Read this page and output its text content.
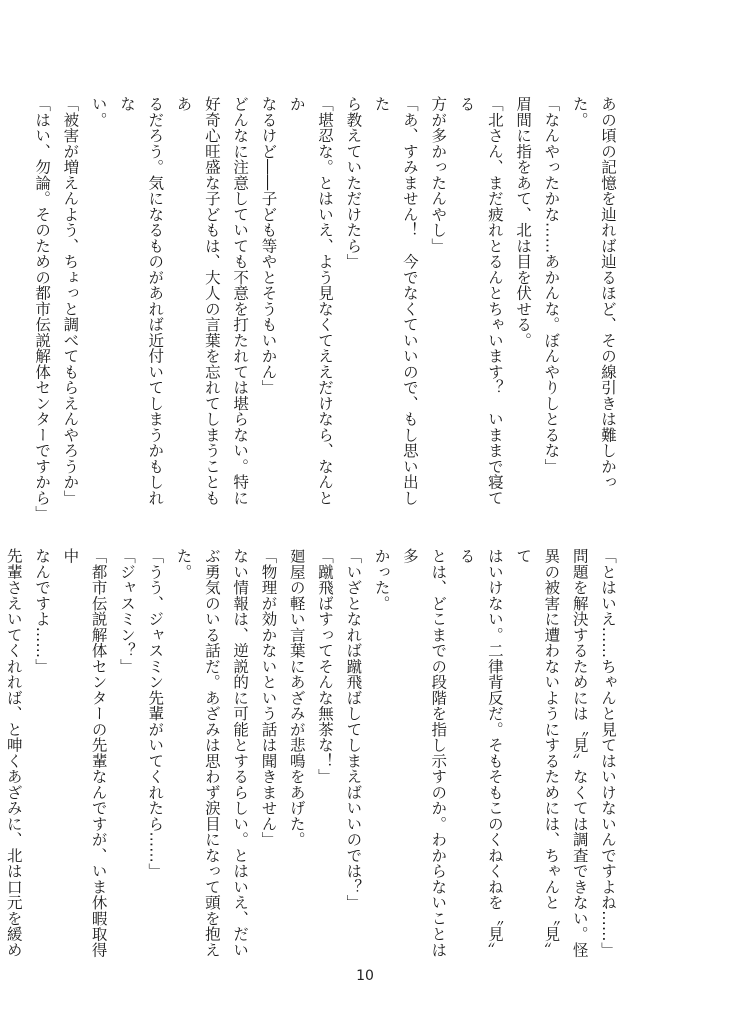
あの頃の記憶を辿れば辿るほど、その線引きは難しかった。
「なんやったかな……あかんな。ぼんやりしとるな」
眉間に指をあて、北は目を伏せる。
「北さん、まだ疲れとるんとちゃいます？　いままで寝てる
方が多かったんやし」
「あ、すみません！　今でなくていいので、もし思い出した
ら教えていただけたら」
「堪忍な。とはいえ、よう見なくてええだけなら、なんとか
なるけど――子ども等やとそうもいかん」
どんなに注意していても不意を打たれては堪らない。特に
好奇心旺盛な子どもは、大人の言葉を忘れてしまうこともあ
るだろう。気になるものがあれば近付いてしまうかもしれな
い。
「被害が増えんよう、ちょっと調べてもらえんやろうか」
「はい、勿論。そのための都市伝説解体センターですから」
「とはいえ……ちゃんと見てはいけないんですよね……」
問題を解決するためには〝見〟なくては調査できない。怪
異の被害に遭わないようにするためには、ちゃんと〝見〟て
はいけない。二律背反だ。そもそもこのくねくねを〝見〟る
とは、どこまでの段階を指し示すのか。わからないことは多
かった。
「いざとなれば蹴飛ばしてしまえばいいのでは？」
「蹴飛ばすってそんな無茶な！」
廻屋の軽い言葉にあざみが悲鳴をあげた。
「物理が効かないという話は聞きません」
ない情報は、逆説的に可能とするらしい。とはいえ、だい
ぶ勇気のいる話だ。あざみは思わず涙目になって頭を抱えた。
「うう、ジャスミン先輩がいてくれたら……」
「ジャスミン？」
「都市伝説解体センターの先輩なんですが、いま休暇取得中
なんですよ……」
先輩さえいてくれれば、と呻くあざみに、北は口元を緩め
10
